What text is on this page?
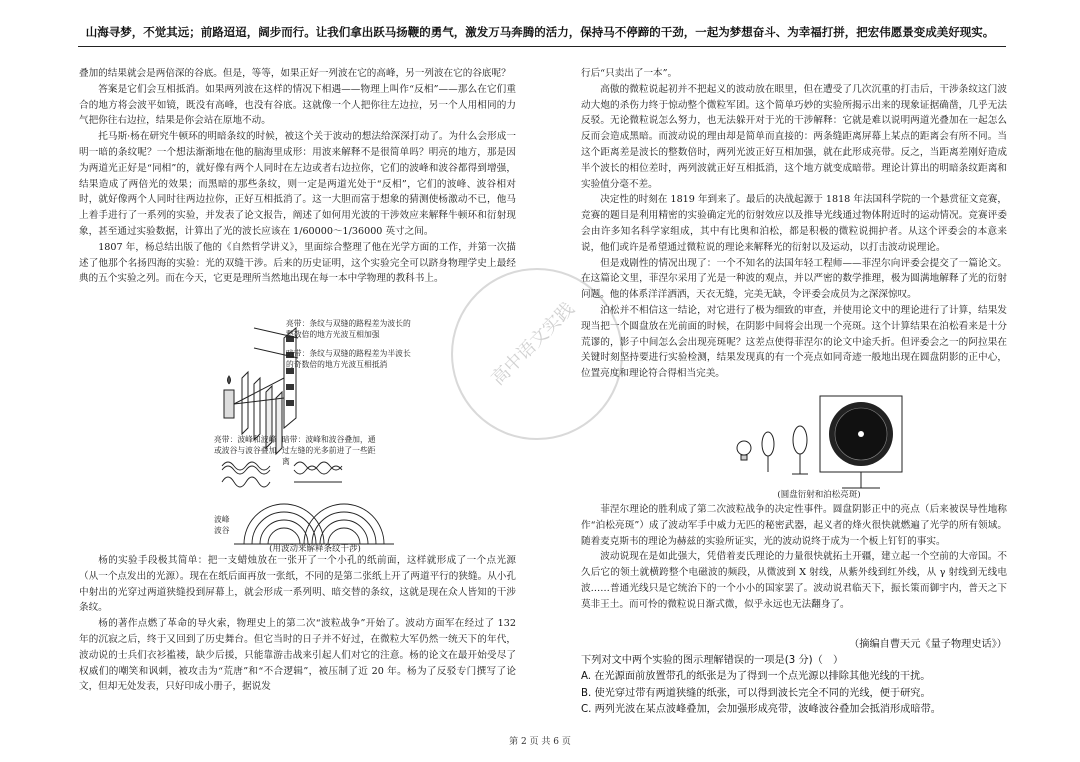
山海寻梦，不觉其远；前路迢迢，阔步而行。让我们拿出跃马扬鞭的勇气，激发万马奔腾的活力，保持马不停蹄的干劲，一起为梦想奋斗、为幸福打拼，把宏伟愿景变成美好现实。
高中语文实践

叠加的结果就会是两倍深的谷底。但是，等等，如果正好一列波在它的高峰，另一列波在它的谷底呢？

答案是它们会互相抵消。如果两列波在这样的情况下相遇——物理上叫作“反相”——那么在它们重合的地方将会波平如镜，既没有高峰，也没有谷底。这就像一个人把你往左边拉，另一个人用相同的力气把你往右边拉，结果是你会站在原地不动。

托马斯·杨在研究牛顿环的明暗条纹的时候，被这个关于波动的想法给深深打动了。为什么会形成一明一暗的条纹呢？一个想法渐渐地在他的脑海里成形：用波来解释不是很简单吗？明亮的地方，那是因为两道光正好是“同相”的，就好像有两个人同时在左边或者右边拉你，它们的波峰和波谷都得到增强，结果造成了两倍光的效果；而黑暗的那些条纹，则一定是两道光处于“反相”，它们的波峰、波谷相对时，就好像两个人同时往两边拉你，正好互相抵消了。这一大胆而富于想象的猜测使杨激动不已，他马上着手进行了一系列的实验，并发表了论文报告，阐述了如何用光波的干涉效应来解释牛顿环和衍射现象，甚至通过实验数据，计算出了光的波长应该在 1/60000～1/36000 英寸之间。

1807 年，杨总结出版了他的《自然哲学讲义》，里面综合整理了他在光学方面的工作，并第一次描述了他那个名扬四海的实验：光的双缝干涉。后来的历史证明，这个实验完全可以跻身物理学史上最经典的五个实验之列。而在今天，它更是理所当然地出现在每一本中学物理的教科书上。

亮带：条纹与双缝的路程差为波长的整数倍的地方光波互相加强
暗带：条纹与双缝的路程差为半波长的奇数倍的地方光波互相抵消
亮带：波峰和波峰或波谷与波谷叠加
暗带：波峰和波谷叠加，通过左缝的光多前进了一些距离
波峰
波谷
(用波动来解释条纹干涉)

杨的实验手段极其简单：把一支蜡烛放在一张开了一个小孔的纸前面，这样就形成了一个点光源（从一个点发出的光源）。现在在纸后面再放一张纸，不同的是第二张纸上开了两道平行的狭缝。从小孔中射出的光穿过两道狭缝投到屏幕上，就会形成一系列明、暗交替的条纹，这就是现在众人皆知的干涉条纹。

杨的著作点燃了革命的导火索，物理史上的第二次“波粒战争”开始了。波动方面军在经过了 132 年的沉寂之后，终于又回到了历史舞台。但它当时的日子并不好过，在微粒大军仍然一统天下的年代，波动说的士兵们衣衫褴褛，缺少后援，只能靠游击战来引起人们对它的注意。杨的论文在最开始受尽了权威们的嘲笑和讽刺，被攻击为“荒唐”和“不合逻辑”，被压制了近 20 年。杨为了反驳专门撰写了论文，但却无处发表，只好印成小册子，据说发

行后“只卖出了一本”。

高傲的微粒说起初并不把起义的波动放在眼里，但在遭受了几次沉重的打击后，干涉条纹这门波动大炮的杀伤力终于惊动整个微粒军团。这个简单巧妙的实验所揭示出来的现象证据确凿，几乎无法反驳。无论微粒说怎么努力，也无法躲开对于光的干涉解释：它就是难以说明两道光叠加在一起怎么反而会造成黑暗。而波动说的理由却是简单而直接的：两条缝距离屏幕上某点的距离会有所不同。当这个距离差是波长的整数倍时，两列光波正好互相加强，就在此形成亮带。反之，当距离差刚好造成半个波长的相位差时，两列波就正好互相抵消，这个地方就变成暗带。理论计算出的明暗条纹距离和实验值分毫不差。

决定性的时刻在 1819 年到来了。最后的决战起源于 1818 年法国科学院的一个悬赏征文竞赛，竞赛的题目是利用精密的实验确定光的衍射效应以及推导光线通过物体附近时的运动情况。竞赛评委会由许多知名科学家组成，其中有比奥和泊松，都是积极的微粒说拥护者。从这个评委会的本意来说，他们或许是希望通过微粒说的理论来解释光的衍射以及运动，以打击波动说理论。

但是戏剧性的情况出现了：一个不知名的法国年轻工程师——菲涅尔向评委会提交了一篇论文。在这篇论文里，菲涅尔采用了光是一种波的观点，并以严密的数学推理，极为圆满地解释了光的衍射问题。他的体系洋洋洒洒，天衣无缝，完美无缺，令评委会成员为之深深惊叹。

泊松并不相信这一结论，对它进行了极为细致的审查，并使用论文中的理论进行了计算，结果发现当把一个圆盘放在光前面的时候，在阴影中间将会出现一个亮斑。这个计算结果在泊松看来是十分荒谬的，影子中间怎么会出现亮斑呢？这差点使得菲涅尔的论文中途夭折。但评委会之一的阿拉果在关键时刻坚持要进行实验检测，结果发现真的有一个亮点如同奇迹一般地出现在圆盘阴影的正中心，位置亮度和理论符合得相当完美。

(圆盘衍射和泊松亮斑)

菲涅尔理论的胜利成了第二次波粒战争的决定性事件。圆盘阴影正中的亮点（后来被误导性地称作“泊松亮斑”）成了波动军手中威力无匹的秘密武器，起义者的烽火很快就燃遍了光学的所有领域。随着麦克斯韦的理论为赫兹的实验所证实，光的波动说终于成为一个板上钉钉的事实。

波动说现在是如此强大，凭借着麦氏理论的力量很快就拓土开疆，建立起一个空前的大帝国。不久后它的领土就横跨整个电磁波的频段，从微波到 X 射线，从紫外线到红外线，从 γ 射线到无线电波……普通光线只是它统治下的一个小小的国家罢了。波动说君临天下，振长策而御宇内，普天之下莫非王土。而可怜的微粒说日渐式微，似乎永远也无法翻身了。

（摘编自曹天元《量子物理史话》）

下列对文中两个实验的图示理解错误的一项是(3 分)（　）

A. 在光源面前放置带孔的纸张是为了得到一个点光源以排除其他光线的干扰。

B. 使光穿过带有两道狭缝的纸张，可以得到波长完全不同的光线，便于研究。

C. 两列光波在某点波峰叠加，会加强形成亮带，波峰波谷叠加会抵消形成暗带。

第 2 页 共 6 页
